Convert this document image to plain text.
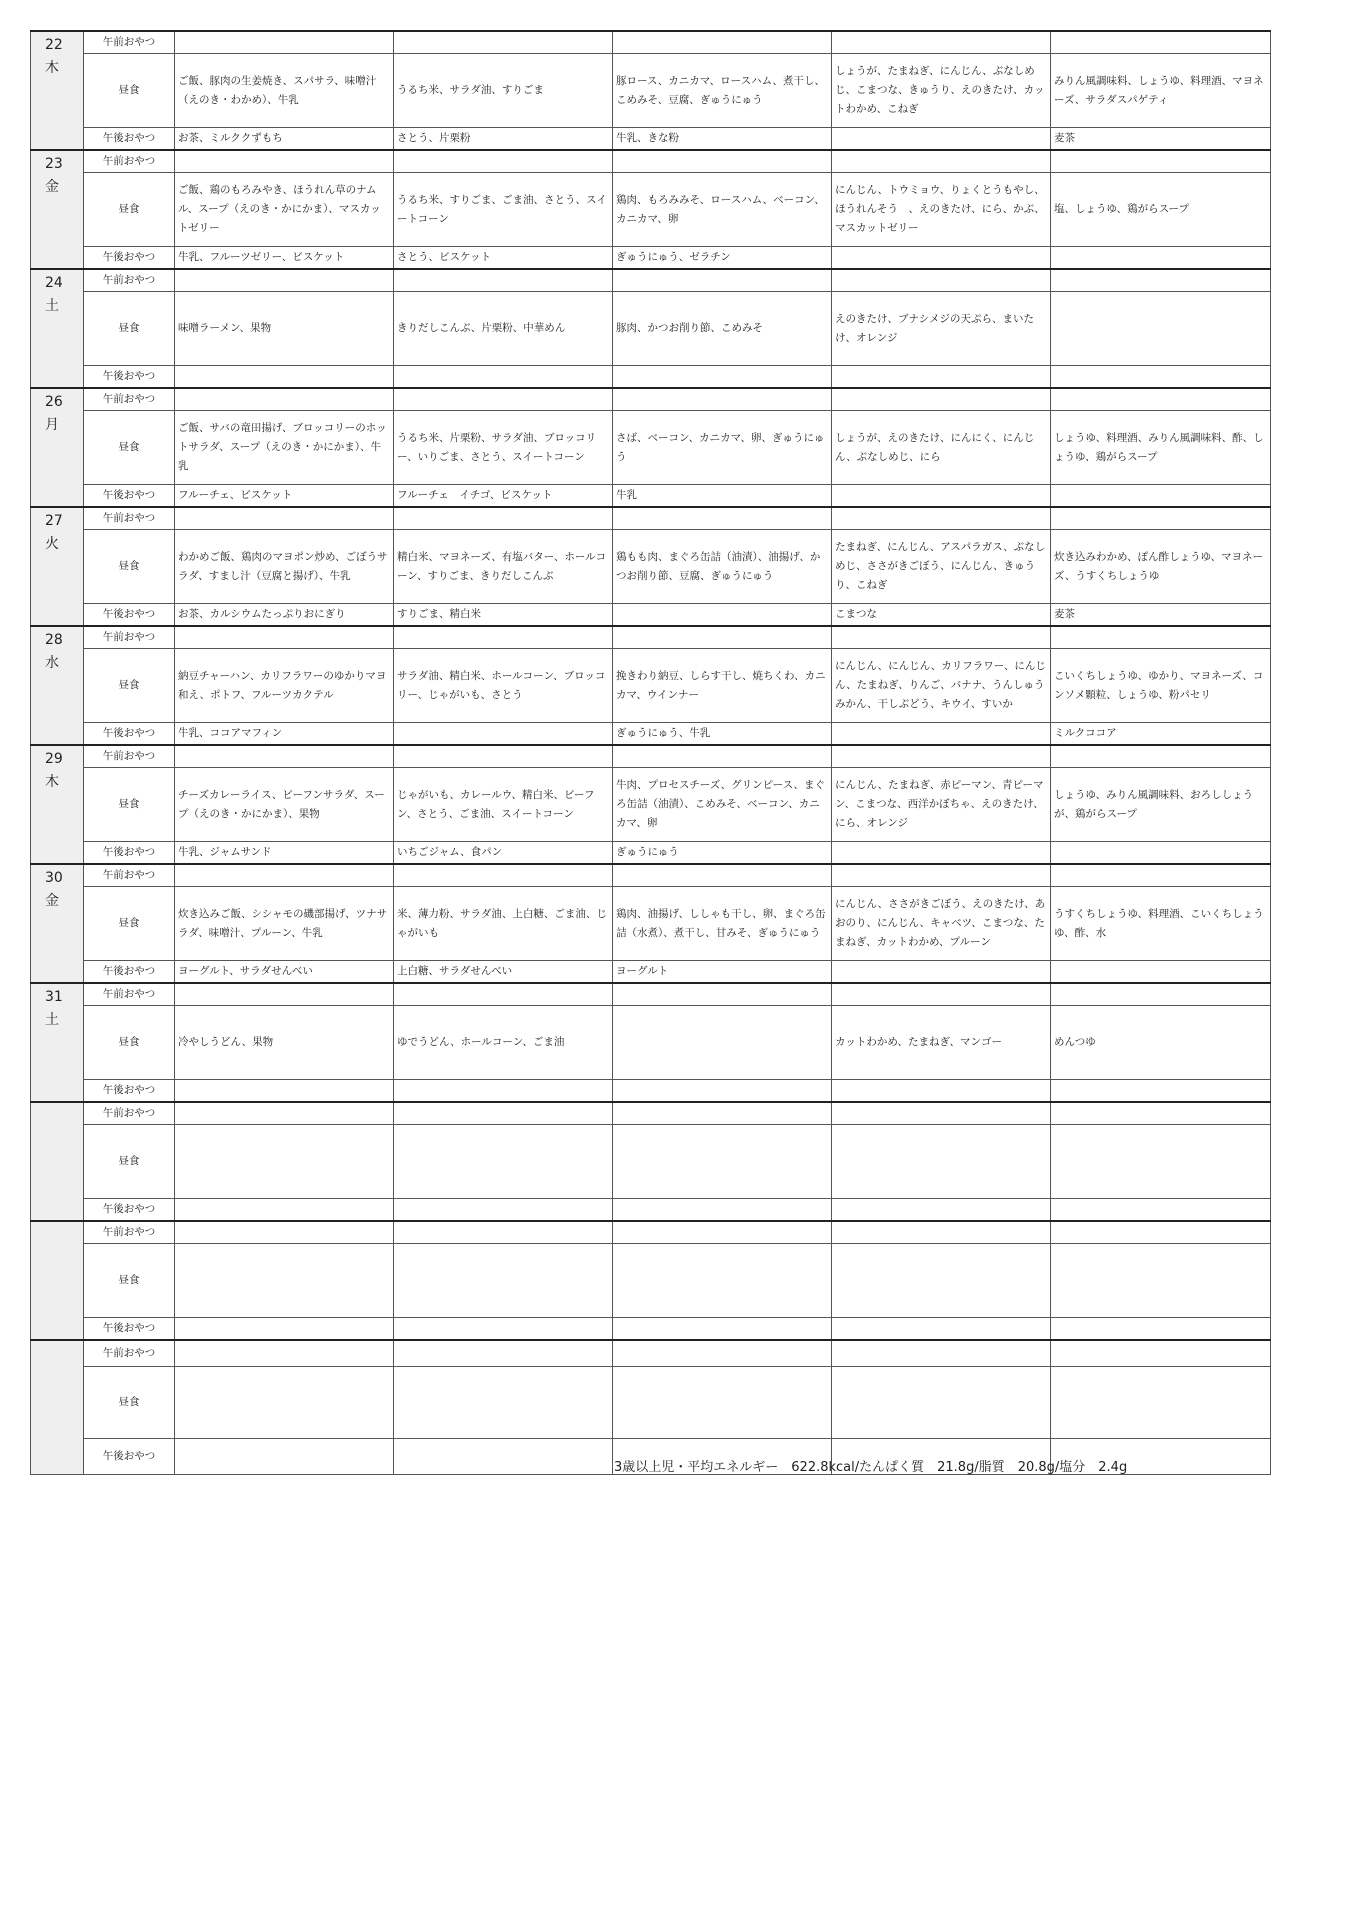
22
木	午前おやつ					
	昼食	ご飯、豚肉の生姜焼き、スパサラ、味噌汁（えのき・わかめ）、牛乳	うるち米、サラダ油、すりごま	豚ロース、カニカマ、ロースハム、煮干し、こめみそ、豆腐、ぎゅうにゅう	しょうが、たまねぎ、にんじん、ぶなしめじ、こまつな、きゅうり、えのきたけ、カットわかめ、こねぎ	みりん風調味料、しょうゆ、料理酒、マヨネーズ、サラダスパゲティ
	午後おやつ	お茶、ミルククずもち	さとう、片栗粉	牛乳、きな粉		麦茶

23
金	午前おやつ					
	昼食	ご飯、鶏のもろみやき、ほうれん草のナムル、スープ（えのき・かにかま）、マスカットゼリー	うるち米、すりごま、ごま油、さとう、スイートコーン	鶏肉、もろみみそ、ロースハム、ベーコン、カニカマ、卵	にんじん、トウミョウ、りょくとうもやし、ほうれんそう　、えのきたけ、にら、かぶ、マスカットゼリー	塩、しょうゆ、鶏がらスープ
	午後おやつ	牛乳、フルーツゼリー、ビスケット	さとう、ビスケット	ぎゅうにゅう、ゼラチン		

24
土	午前おやつ					
	昼食	味噌ラーメン、果物	きりだしこんぶ、片栗粉、中華めん	豚肉、かつお削り節、こめみそ	えのきたけ、ブナシメジの天ぷら、まいたけ、オレンジ	
	午後おやつ					

26
月	午前おやつ					
	昼食	ご飯、サバの竜田揚げ、ブロッコリーのホットサラダ、スープ（えのき・かにかま）、牛乳	うるち米、片栗粉、サラダ油、ブロッコリー、いりごま、さとう、スイートコーン	さば、ベーコン、カニカマ、卵、ぎゅうにゅう	しょうが、えのきたけ、にんにく、にんじん、ぶなしめじ、にら	しょうゆ、料理酒、みりん風調味料、酢、しょうゆ、鶏がらスープ
	午後おやつ	フルーチェ、ビスケット	フルーチェ　イチゴ、ビスケット	牛乳		

27
火	午前おやつ					
	昼食	わかめご飯、鶏肉のマヨポン炒め、ごぼうサラダ、すまし汁（豆腐と揚げ）、牛乳	精白米、マヨネーズ、有塩バター、ホールコーン、すりごま、きりだしこんぶ	鶏もも肉、まぐろ缶詰（油漬）、油揚げ、かつお削り節、豆腐、ぎゅうにゅう	たまねぎ、にんじん、アスパラガス、ぶなしめじ、ささがきごぼう、にんじん、きゅうり、こねぎ	炊き込みわかめ、ぽん酢しょうゆ、マヨネーズ、うすくちしょうゆ
	午後おやつ	お茶、カルシウムたっぷりおにぎり	すりごま、精白米		こまつな	麦茶

28
水	午前おやつ					
	昼食	納豆チャーハン、カリフラワーのゆかりマヨ和え、ポトフ、フルーツカクテル	サラダ油、精白米、ホールコーン、ブロッコリー、じゃがいも、さとう	挽きわり納豆、しらす干し、焼ちくわ、カニカマ、ウインナー	にんじん、にんじん、カリフラワー、にんじん、たまねぎ、りんご、バナナ、うんしゅうみかん、干しぶどう、キウイ、すいか	こいくちしょうゆ、ゆかり、マヨネーズ、コンソメ顆粒、しょうゆ、粉パセリ
	午後おやつ	牛乳、ココアマフィン		ぎゅうにゅう、牛乳		ミルクココア

29
木	午前おやつ					
	昼食	チーズカレーライス、ビーフンサラダ、スープ（えのき・かにかま）、果物	じゃがいも、カレールウ、精白米、ビーフン、さとう、ごま油、スイートコーン	牛肉、プロセスチーズ、グリンピース、まぐろ缶詰（油漬）、こめみそ、ベーコン、カニカマ、卵	にんじん、たまねぎ、赤ピーマン、青ピーマン、こまつな、西洋かぼちゃ、えのきたけ、にら、オレンジ	しょうゆ、みりん風調味料、おろししょうが、鶏がらスープ
	午後おやつ	牛乳、ジャムサンド	いちごジャム、食パン	ぎゅうにゅう		

30
金	午前おやつ					
	昼食	炊き込みご飯、シシャモの磯部揚げ、ツナサラダ、味噌汁、プルーン、牛乳	米、薄力粉、サラダ油、上白糖、ごま油、じゃがいも	鶏肉、油揚げ、ししゃも干し、卵、まぐろ缶詰（水煮）、煮干し、甘みそ、ぎゅうにゅう	にんじん、ささがきごぼう、えのきたけ、あおのり、にんじん、キャベツ、こまつな、たまねぎ、カットわかめ、プルーン	うすくちしょうゆ、料理酒、こいくちしょうゆ、酢、水
	午後おやつ	ヨーグルト、サラダせんべい	上白糖、サラダせんべい	ヨーグルト		

31
土	午前おやつ					
	昼食	冷やしうどん、果物	ゆでうどん、ホールコーン、ごま油		カットわかめ、たまねぎ、マンゴー	めんつゆ
	午後おやつ					

	午前おやつ					
	昼食					
	午後おやつ					

	午前おやつ					
	昼食					
	午後おやつ					

	午前おやつ					
	昼食					
	午後おやつ					
3歳以上児・平均エネルギー　622.8kcal/たんぱく質　21.8g/脂質　20.8g/塩分　2.4g
